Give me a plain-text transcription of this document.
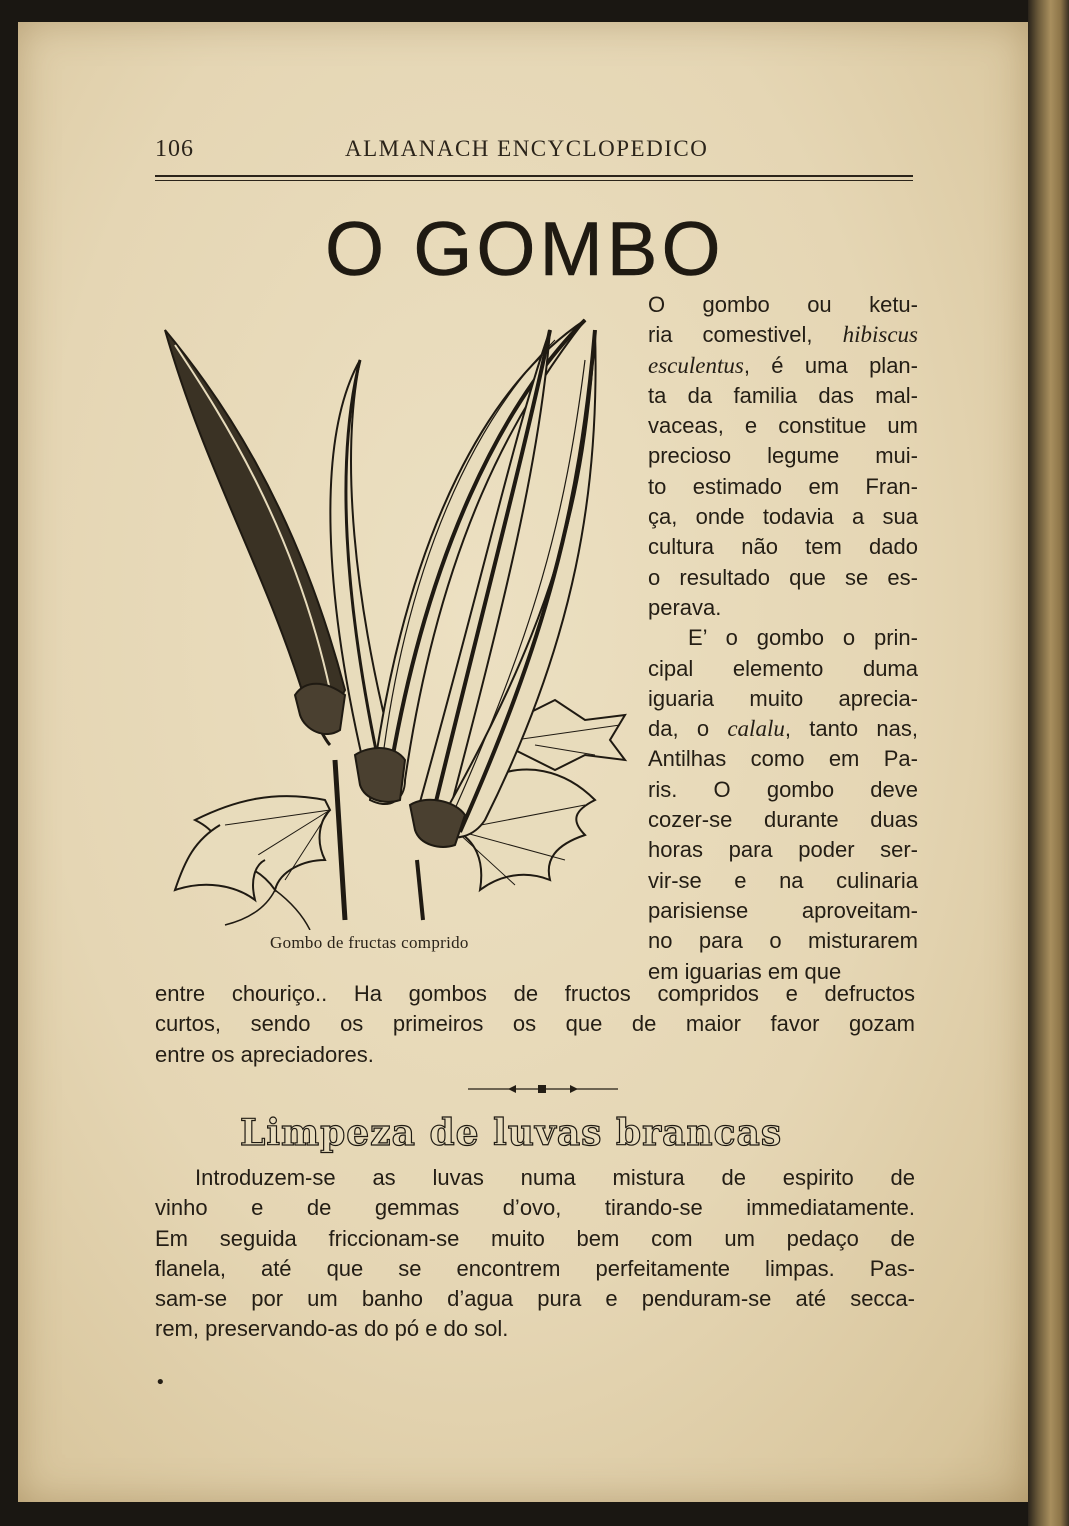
106	ALMANACH ENCYCLOPEDICO
O GOMBO
Gombo de fructas comprido
O gombo ou ketu-
ria comestivel, hibiscus
esculentus, é uma plan-
ta da familia das mal-
vaceas, e constitue um
precioso legume mui-
to estimado em Fran-
ça, onde todavia a sua
cultura não tem dado
o resultado que se es-
perava.
E’ o gombo o prin-
cipal elemento duma
iguaria muito aprecia-
da, o calalu, tanto nas,
Antilhas como em Pa-
ris. O gombo deve
cozer-se durante duas
horas para poder ser-
vir-se e na culinaria
parisiense aproveitam-
no para o misturarem
em iguarias em que
entre chouriço.. Ha gombos de fructos compridos e defructos
curtos, sendo os primeiros os que de maior favor gozam
entre os apreciadores.
Limpeza de luvas brancas
Introduzem-se as luvas numa mistura de espirito de
vinho e de gemmas d’ovo, tirando-se immediatamente.
Em seguida friccionam-se muito bem com um pedaço de
flanela, até que se encontrem perfeitamente limpas. Pas-
sam-se por um banho d’agua pura e penduram-se até secca-
rem, preservando-as do pó e do sol.
•
